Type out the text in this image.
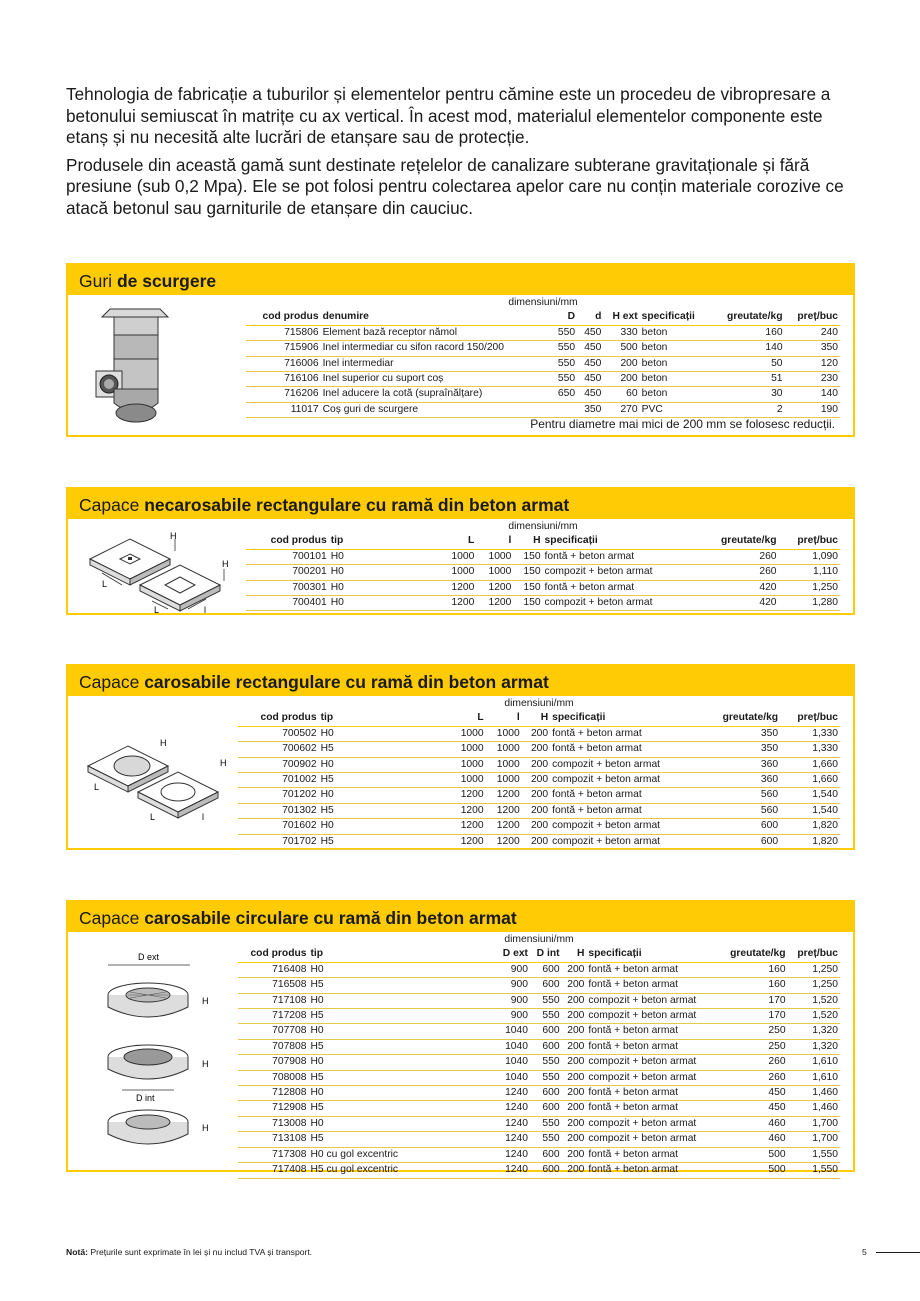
Tehnologia de fabricație a tuburilor și elementelor pentru cămine este un procedeu de vibropresare a betonului semiuscat în matrițe cu ax vertical. În acest mod, materialul elementelor componente este etanș și nu necesită alte lucrări de etanșare sau de protecție.

Produsele din această gamă sunt destinate rețelelor de canalizare subterane gravitaționale și fără presiune (sub 0,2 Mpa). Ele se pot folosi pentru colectarea apelor care nu conțin materiale corozive ce atacă betonul sau garniturile de etanșare din cauciuc.

Guri de scurgere
dimensiuni/mm							
cod produs	denumire	D	d	H ext	specificații	greutate/kg	preț/buc
715806	Element bază receptor nămol	550	450	330	beton	160	240
715906	Inel intermediar cu sifon racord 150/200	550	450	500	beton	140	350
716006	Inel intermediar	550	450	200	beton	50	120
716106	Inel superior cu suport coș	550	450	200	beton	51	230
716206	Inel aducere la cotă (supraînălțare)	650	450	60	beton	30	140
11017	Coș guri de scurgere		350	270	PVC	2	190
Pentru diametre mai mici de 200 mm se folosesc reducții.
Capace necarosabile rectangulare cu ramă din beton armat
H
H
L
L	l
dimensiuni/mm							
cod produs	tip	L	l	H	specificații	greutate/kg	preț/buc
700101	H0	1000	1000	150	fontă + beton armat	260	1,090
700201	H0	1000	1000	150	compozit + beton armat	260	1,110
700301	H0	1200	1200	150	fontă + beton armat	420	1,250
700401	H0	1200	1200	150	compozit + beton armat	420	1,280
Capace carosabile rectangulare cu ramă din beton armat
H
H
L
L	l
dimensiuni/mm							
cod produs	tip	L	l	H	specificații	greutate/kg	preț/buc
700502	H0	1000	1000	200	fontă + beton armat	350	1,330
700602	H5	1000	1000	200	fontă + beton armat	350	1,330
700902	H0	1000	1000	200	compozit + beton armat	360	1,660
701002	H5	1000	1000	200	compozit + beton armat	360	1,660
701202	H0	1200	1200	200	fontă + beton armat	560	1,540
701302	H5	1200	1200	200	fontă + beton armat	560	1,540
701602	H0	1200	1200	200	compozit + beton armat	600	1,820
701702	H5	1200	1200	200	compozit + beton armat	600	1,820
Capace carosabile circulare cu ramă din beton armat
D ext
H
H
D int
H
dimensiuni/mm							
cod produs	tip	D ext	D int	H	specificații	greutate/kg	preț/buc
716408	H0	900	600	200	fontă + beton armat	160	1,250
716508	H5	900	600	200	fontă + beton armat	160	1,250
717108	H0	900	550	200	compozit + beton armat	170	1,520
717208	H5	900	550	200	compozit + beton armat	170	1,520
707708	H0	1040	600	200	fontă + beton armat	250	1,320
707808	H5	1040	600	200	fontă + beton armat	250	1,320
707908	H0	1040	550	200	compozit + beton armat	260	1,610
708008	H5	1040	550	200	compozit + beton armat	260	1,610
712808	H0	1240	600	200	fontă + beton armat	450	1,460
712908	H5	1240	600	200	fontă + beton armat	450	1,460
713008	H0	1240	550	200	compozit + beton armat	460	1,700
713108	H5	1240	550	200	compozit + beton armat	460	1,700
717308	H0 cu gol excentric	1240	600	200	fontă + beton armat	500	1,550
717408	H5 cu gol excentric	1240	600	200	fontă + beton armat	500	1,550
Notă: Prețurile sunt exprimate în lei și nu includ TVA și transport.	5
